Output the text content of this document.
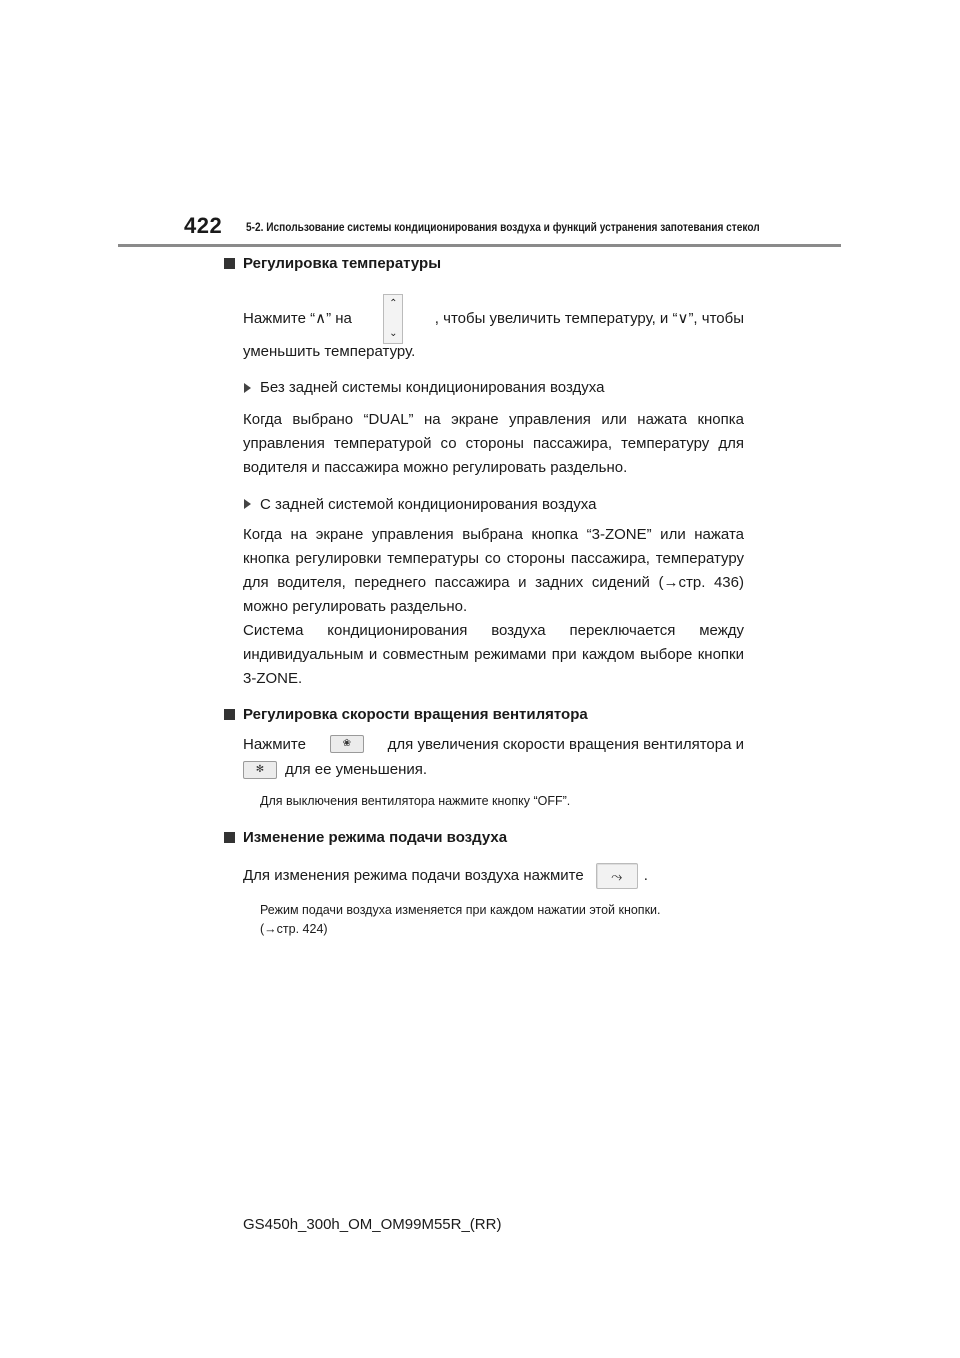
422 5-2. Использование системы кондиционирования воздуха и функций устранения запотевания стекол
Регулировка температуры
Нажмите “∧” на
⌃
⌄
, чтобы увеличить температуру, и “∨”, чтобы
уменьшить температуру.
Без задней системы кондиционирования воздуха
Когда выбрано “DUAL” на экране управления или нажата кнопка управления температурой со стороны пассажира, температуру для водителя и пассажира можно регулировать раздельно.
С задней системой кондиционирования воздуха
Когда на экране управления выбрана кнопка “3-ZONE” или нажата кнопка регулировки температуры со стороны пассажира, температуру для водителя, переднего пассажира и задних сидений (→стр. 436) можно регулировать раздельно.
Система кондиционирования воздуха переключается между индивидуальным и совместным режимами при каждом выборе кнопки 3-ZONE.
Регулировка скорости вращения вентилятора
Нажмите	❀	для увеличения скорости вращения вентилятора и
✻	для ее уменьшения.
Для выключения вентилятора нажмите кнопку “OFF”.
Изменение режима подачи воздуха
Для изменения режима подачи воздуха нажмите	⤳	.
Режим подачи воздуха изменяется при каждом нажатии этой кнопки.
(→стр. 424)
GS450h_300h_OM_OM99M55R_(RR)
